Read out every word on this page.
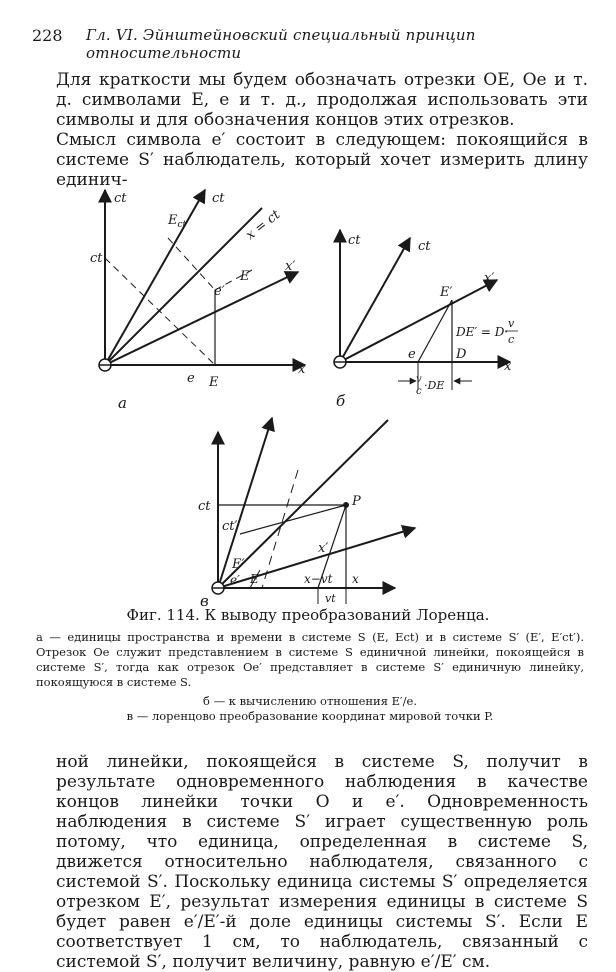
228 Гл. VI. Эйнштейновский специальный принцип относительности

Для краткости мы будем обозначать отрезки OE, Oe и т. д. символами E, e и т. д., продолжая использовать эти символы и для обозначения концов этих отрезков.

Смысл символа e′ состоит в следующем: покоящийся в системе S′ наблюдатель, который хочет измерить длину единич-

ct	ct
$E_{ct}$	x = ct
ct
e′
E
x′
e E
x
а
ct	ct
E′
x′
DE′ = D·
v
c
e	D
x
v
c ·DE
б
ct
ct′
P
x′
E′
e′ E	x−vt x
vt
в
Фиг. 114. К выводу преобразований Лоренца.

а — единицы пространства и времени в системе S (E, Ect) и в системе S′ (E′, E′ct′). Отрезок Oe служит представлением в системе S единичной линейки, покоящейся в системе S′, тогда как отрезок Oe′ представляет в системе S′ единичную линейку, покоящуюся в системе S.

б — к вычислению отношения E′/e.

в — лоренцово преобразование координат мировой точки P.

ной линейки, покоящейся в системе S, получит в результате одновременного наблюдения в качестве концов линейки точки O и e′. Одновременность наблюдения в системе S′ играет существенную роль потому, что единица, определенная в системе S, движется относительно наблюдателя, связанного с системой S′. Поскольку единица системы S′ определяется отрезком E′, результат измерения единицы в системе S будет равен e′/E′-й доле единицы системы S′. Если E соответствует 1 см, то наблюдатель, связанный с системой S′, получит величину, равную e′/E′ см.
